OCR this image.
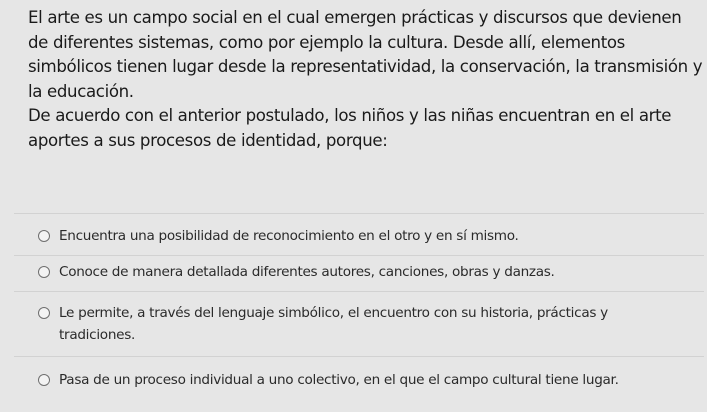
El arte es un campo social en el cual emergen prácticas y discursos que devienen de diferentes sistemas, como por ejemplo la cultura. Desde allí, elementos simbólicos tienen lugar desde la representatividad, la conservación, la transmisión y la educación.

De acuerdo con el anterior postulado, los niños y las niñas encuentran en el arte aportes a sus procesos de identidad, porque:

Encuentra una posibilidad de reconocimiento en el otro y en sí mismo.
Conoce de manera detallada diferentes autores, canciones, obras y danzas.
Le permite, a través del lenguaje simbólico, el encuentro con su historia, prácticas y tradiciones.
Pasa de un proceso individual a uno colectivo, en el que el campo cultural tiene lugar.
